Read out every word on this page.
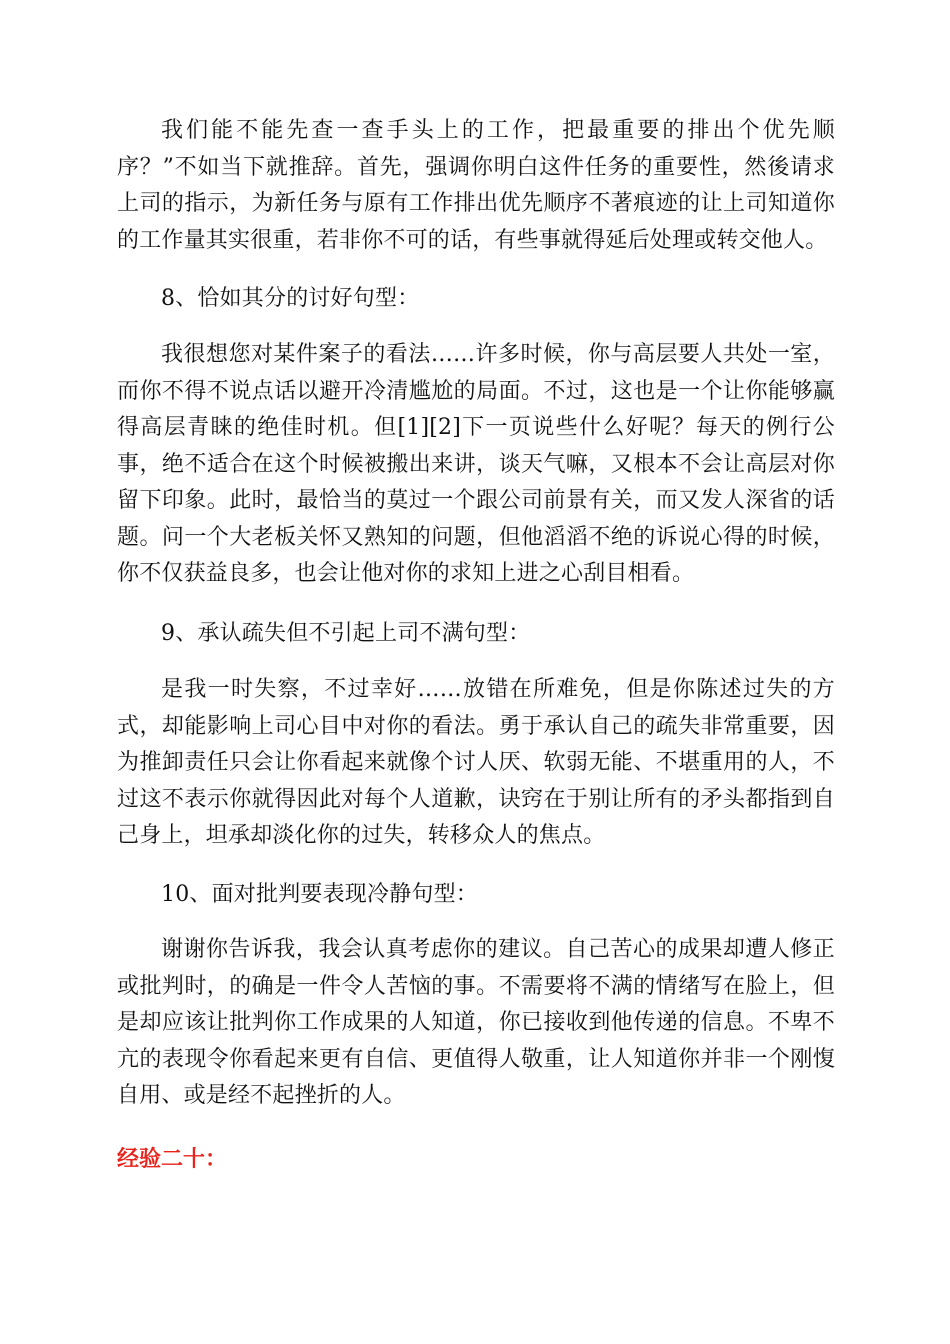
我们能不能先查一查手头上的工作，把最重要的排出个优先顺序？”不如当下就推辞。首先，强调你明白这件任务的重要性，然後请求上司的指示，为新任务与原有工作排出优先顺序不著痕迹的让上司知道你的工作量其实很重，若非你不可的话，有些事就得延后处理或转交他人。
8、恰如其分的讨好句型：
我很想您对某件案子的看法……许多时候，你与高层要人共处一室，而你不得不说点话以避开冷清尴尬的局面。不过，这也是一个让你能够赢得高层青睐的绝佳时机。但[1][2]下一页说些什么好呢？每天的例行公事，绝不适合在这个时候被搬出来讲，谈天气嘛，又根本不会让高层对你留下印象。此时，最恰当的莫过一个跟公司前景有关，而又发人深省的话题。问一个大老板关怀又熟知的问题，但他滔滔不绝的诉说心得的时候，你不仅获益良多，也会让他对你的求知上进之心刮目相看。
9、承认疏失但不引起上司不满句型：
是我一时失察，不过幸好……放错在所难免，但是你陈述过失的方式，却能影响上司心目中对你的看法。勇于承认自己的疏失非常重要，因为推卸责任只会让你看起来就像个讨人厌、软弱无能、不堪重用的人，不过这不表示你就得因此对每个人道歉，诀窍在于别让所有的矛头都指到自己身上，坦承却淡化你的过失，转移众人的焦点。
10、面对批判要表现冷静句型：
谢谢你告诉我，我会认真考虑你的建议。自己苦心的成果却遭人修正或批判时，的确是一件令人苦恼的事。不需要将不满的情绪写在脸上，但是却应该让批判你工作成果的人知道，你已接收到他传递的信息。不卑不亢的表现令你看起来更有自信、更值得人敬重，让人知道你并非一个刚愎自用、或是经不起挫折的人。
经验二十：
